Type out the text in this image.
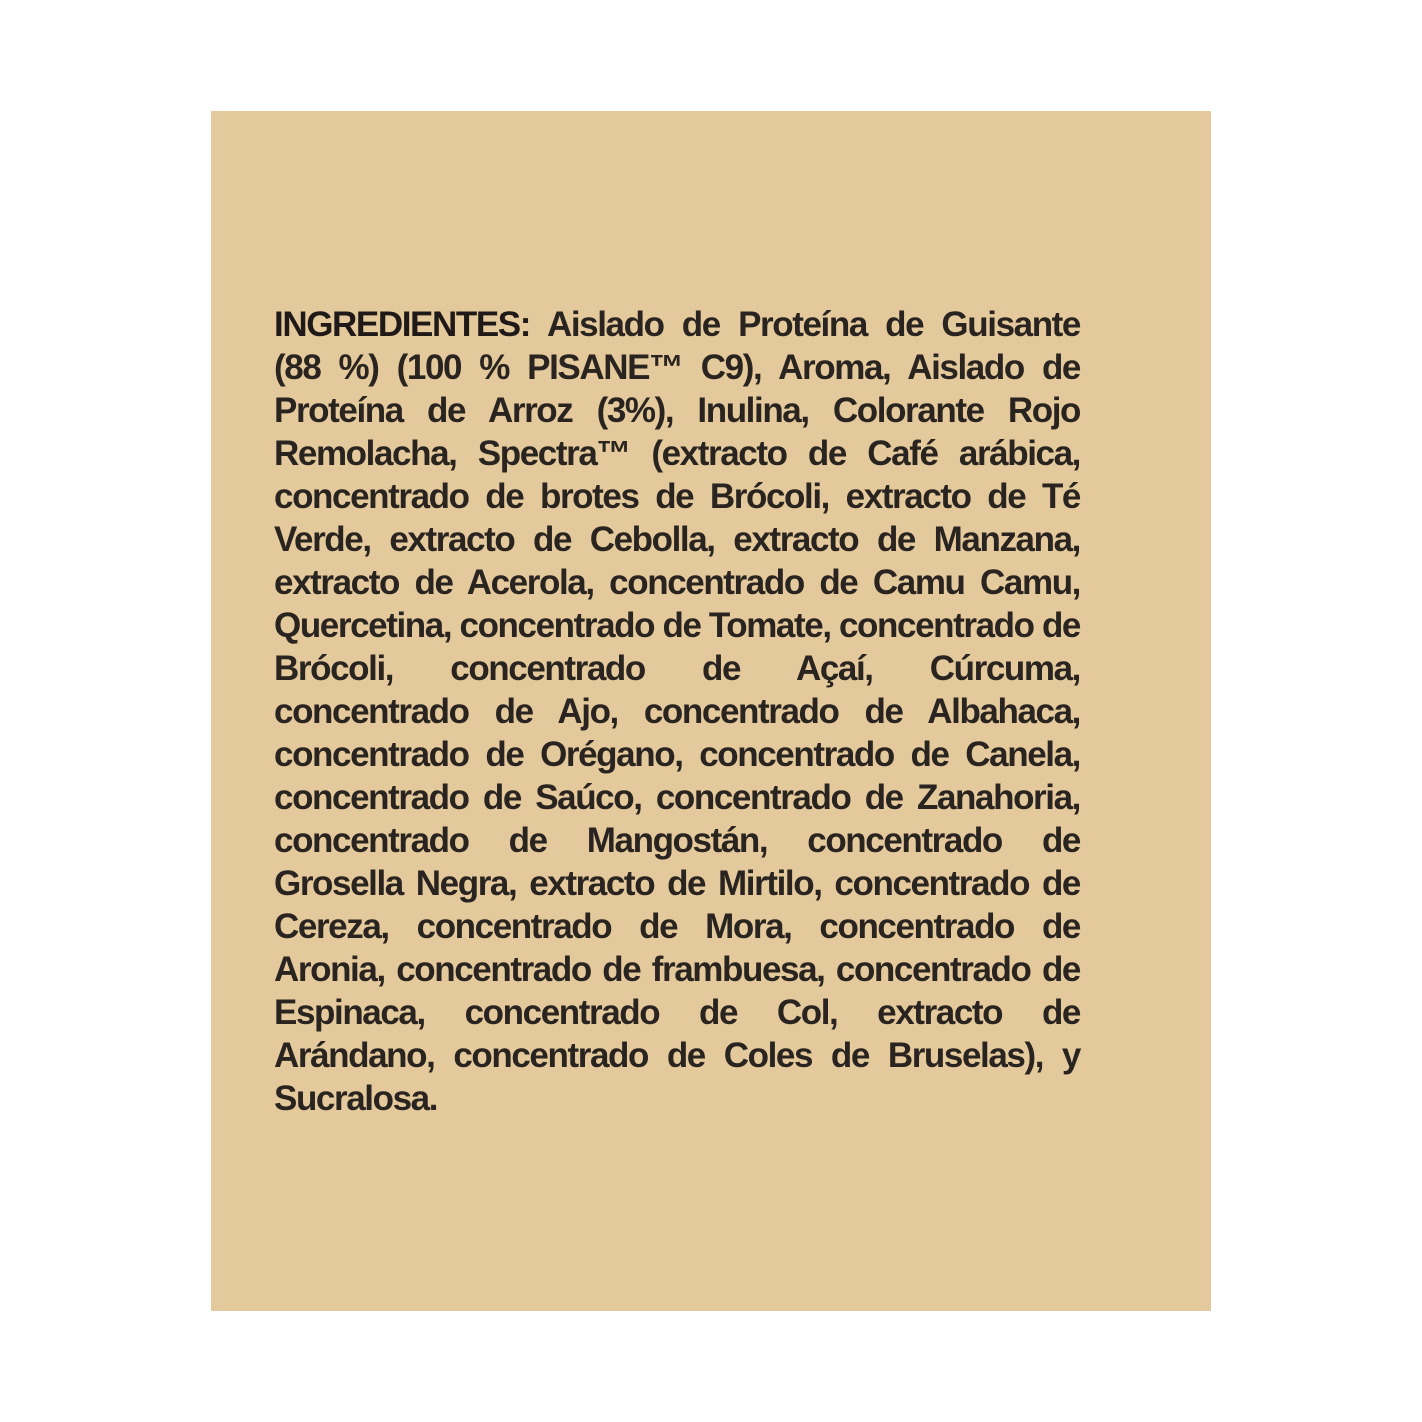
INGREDIENTES: Aislado de Proteína de Guisante (88 %) (100 % PISANE™ C9), Aroma, Aislado de Proteína de Arroz (3%), Inulina, Colorante Rojo Remolacha, Spectra™ (extracto de Café arábica, concentrado de brotes de Brócoli, extracto de Té Verde, extracto de Cebolla, extracto de Manzana, extracto de Acerola, concentrado de Camu Camu, Quercetina, concentrado de Tomate, concentrado de Brócoli, concentrado de Açaí, Cúrcuma, concentrado de Ajo, concentrado de Albahaca, concentrado de Orégano, concentrado de Canela, concentrado de Saúco, concentrado de Zanahoria, concentrado de Mangostán, concentrado de Grosella Negra, extracto de Mirtilo, concentrado de Cereza, concentrado de Mora, concentrado de Aronia, concentrado de frambuesa, concentrado de Espinaca, concentrado de Col, extracto de Arándano, concentrado de Coles de Bruselas), y Sucralosa.
